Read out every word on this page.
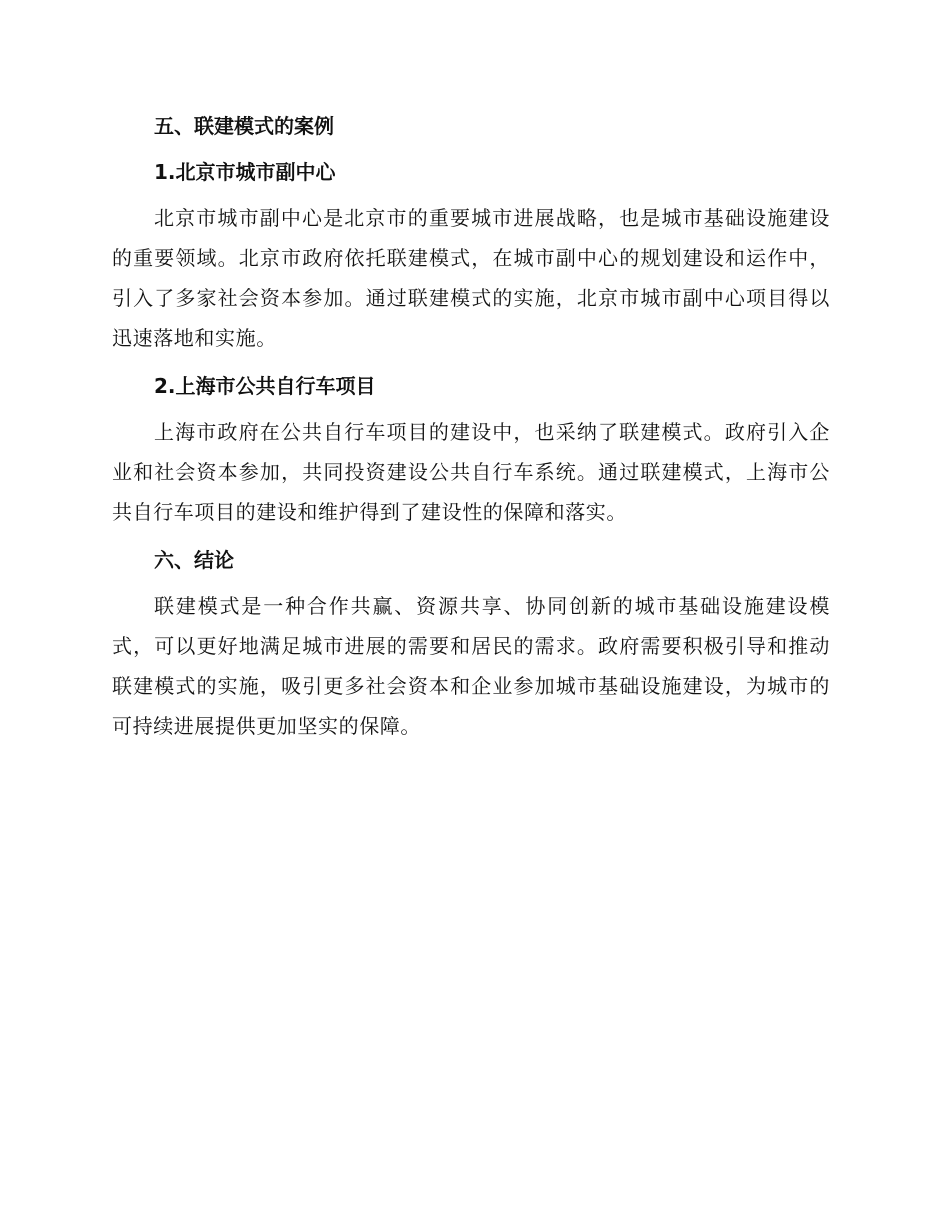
五、联建模式的案例
1.北京市城市副中心

北京市城市副中心是北京市的重要城市进展战略，也是城市基础设施建设的重要领域。北京市政府依托联建模式，在城市副中心的规划建设和运作中，引入了多家社会资本参加。通过联建模式的实施，北京市城市副中心项目得以迅速落地和实施。

2.上海市公共自行车项目

上海市政府在公共自行车项目的建设中，也采纳了联建模式。政府引入企业和社会资本参加，共同投资建设公共自行车系统。通过联建模式，上海市公共自行车项目的建设和维护得到了建设性的保障和落实。

六、结论

联建模式是一种合作共赢、资源共享、协同创新的城市基础设施建设模式，可以更好地满足城市进展的需要和居民的需求。政府需要积极引导和推动联建模式的实施，吸引更多社会资本和企业参加城市基础设施建设，为城市的可持续进展提供更加坚实的保障。
